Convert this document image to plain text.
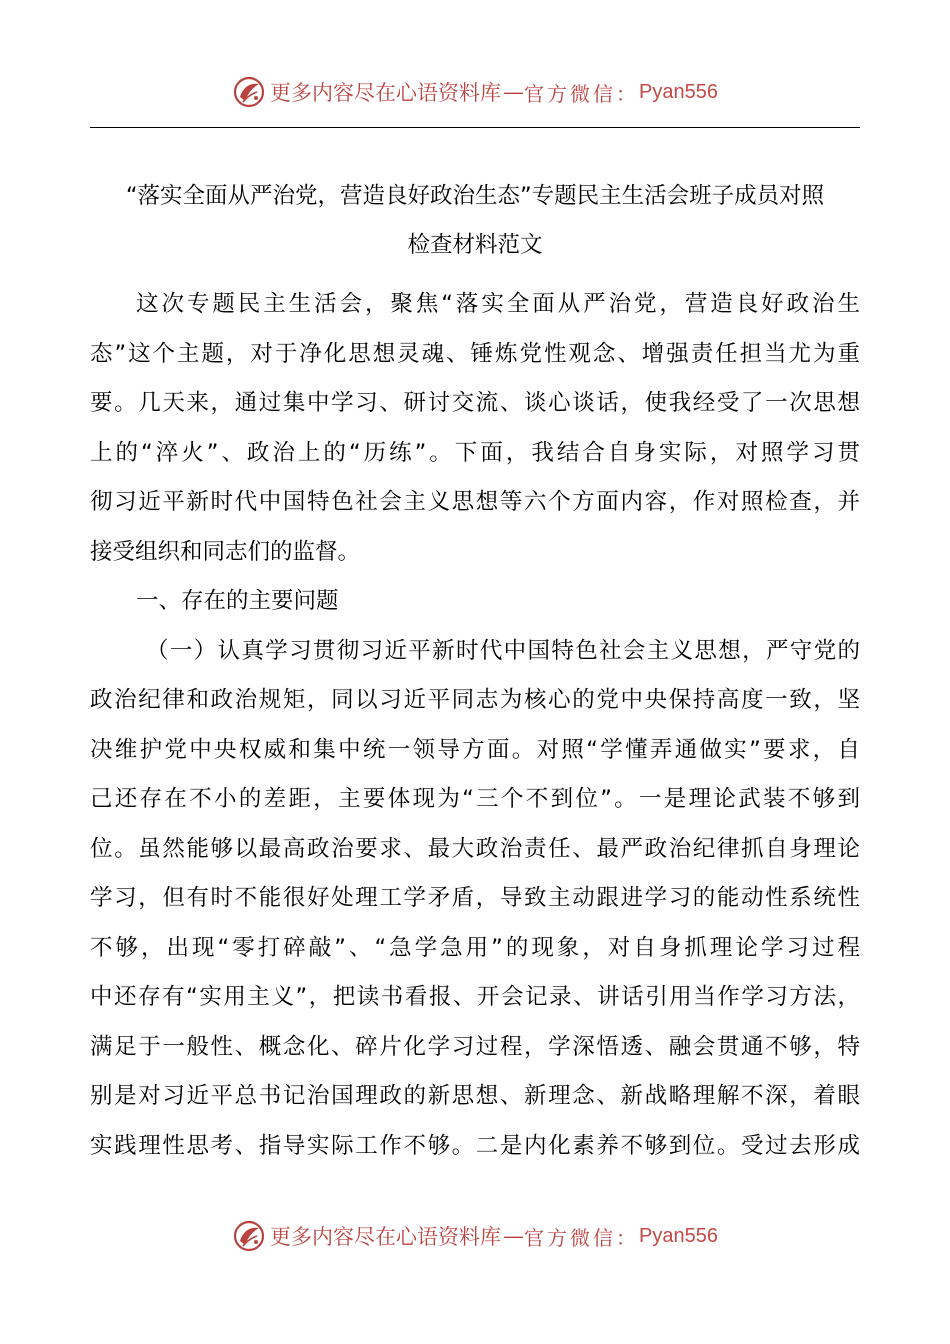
更多内容尽在心语资料库 — 官方微信： Pyan556
“落实全面从严治党，营造良好政治生态”专题民主生活会班子成员对照
检查材料范文
这次专题民主生活会，聚焦“落实全面从严治党，营造良好政治生
态”这个主题，对于净化思想灵魂、锤炼党性观念、增强责任担当尤为重
要。几天来，通过集中学习、研讨交流、谈心谈话，使我经受了一次思想
上的“淬火”、政治上的“历练”。下面，我结合自身实际，对照学习贯
彻习近平新时代中国特色社会主义思想等六个方面内容，作对照检查，并
接受组织和同志们的监督。
一、存在的主要问题
（一）认真学习贯彻习近平新时代中国特色社会主义思想，严守党的
政治纪律和政治规矩，同以习近平同志为核心的党中央保持高度一致，坚
决维护党中央权威和集中统一领导方面。对照“学懂弄通做实”要求，自
己还存在不小的差距，主要体现为“三个不到位”。一是理论武装不够到
位。虽然能够以最高政治要求、最大政治责任、最严政治纪律抓自身理论
学习，但有时不能很好处理工学矛盾，导致主动跟进学习的能动性系统性
不够，出现“零打碎敲”、“急学急用”的现象，对自身抓理论学习过程
中还存有“实用主义”，把读书看报、开会记录、讲话引用当作学习方法，
满足于一般性、概念化、碎片化学习过程，学深悟透、融会贯通不够，特
别是对习近平总书记治国理政的新思想、新理念、新战略理解不深，着眼
实践理性思考、指导实际工作不够。二是内化素养不够到位。受过去形成
更多内容尽在心语资料库 — 官方微信： Pyan556
